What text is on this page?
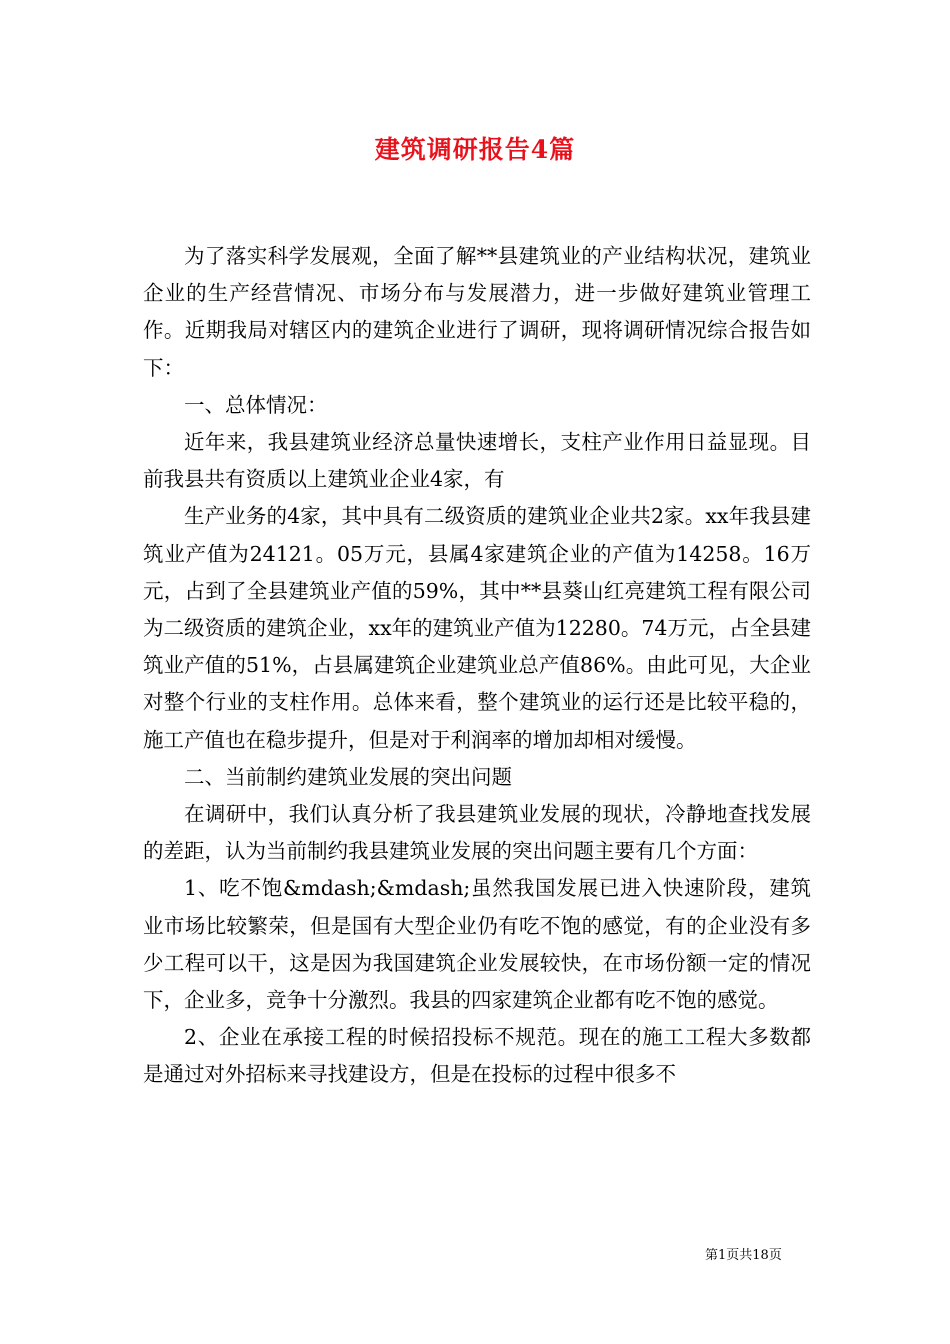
建筑调研报告4篇

为了落实科学发展观，全面了解**县建筑业的产业结构状况，建筑业企业的生产经营情况、市场分布与发展潜力，进一步做好建筑业管理工作。近期我局对辖区内的建筑企业进行了调研，现将调研情况综合报告如下：

一、总体情况：

近年来，我县建筑业经济总量快速增长，支柱产业作用日益显现。目前我县共有资质以上建筑业企业4家，有

生产业务的4家，其中具有二级资质的建筑业企业共2家。xx年我县建筑业产值为24121。05万元，县属4家建筑企业的产值为14258。16万元，占到了全县建筑业产值的59%，其中**县葵山红亮建筑工程有限公司为二级资质的建筑企业，xx年的建筑业产值为12280。74万元，占全县建筑业产值的51%，占县属建筑企业建筑业总产值86%。由此可见，大企业对整个行业的支柱作用。总体来看，整个建筑业的运行还是比较平稳的，施工产值也在稳步提升，但是对于利润率的增加却相对缓慢。

二、当前制约建筑业发展的突出问题

在调研中，我们认真分析了我县建筑业发展的现状，冷静地查找发展的差距，认为当前制约我县建筑业发展的突出问题主要有几个方面：

1、吃不饱&mdash;&mdash;虽然我国发展已进入快速阶段，建筑业市场比较繁荣，但是国有大型企业仍有吃不饱的感觉，有的企业没有多少工程可以干，这是因为我国建筑企业发展较快，在市场份额一定的情况下，企业多，竞争十分激烈。我县的四家建筑企业都有吃不饱的感觉。

2、企业在承接工程的时候招投标不规范。现在的施工工程大多数都是通过对外招标来寻找建设方，但是在投标的过程中很多不

第1页共18页
